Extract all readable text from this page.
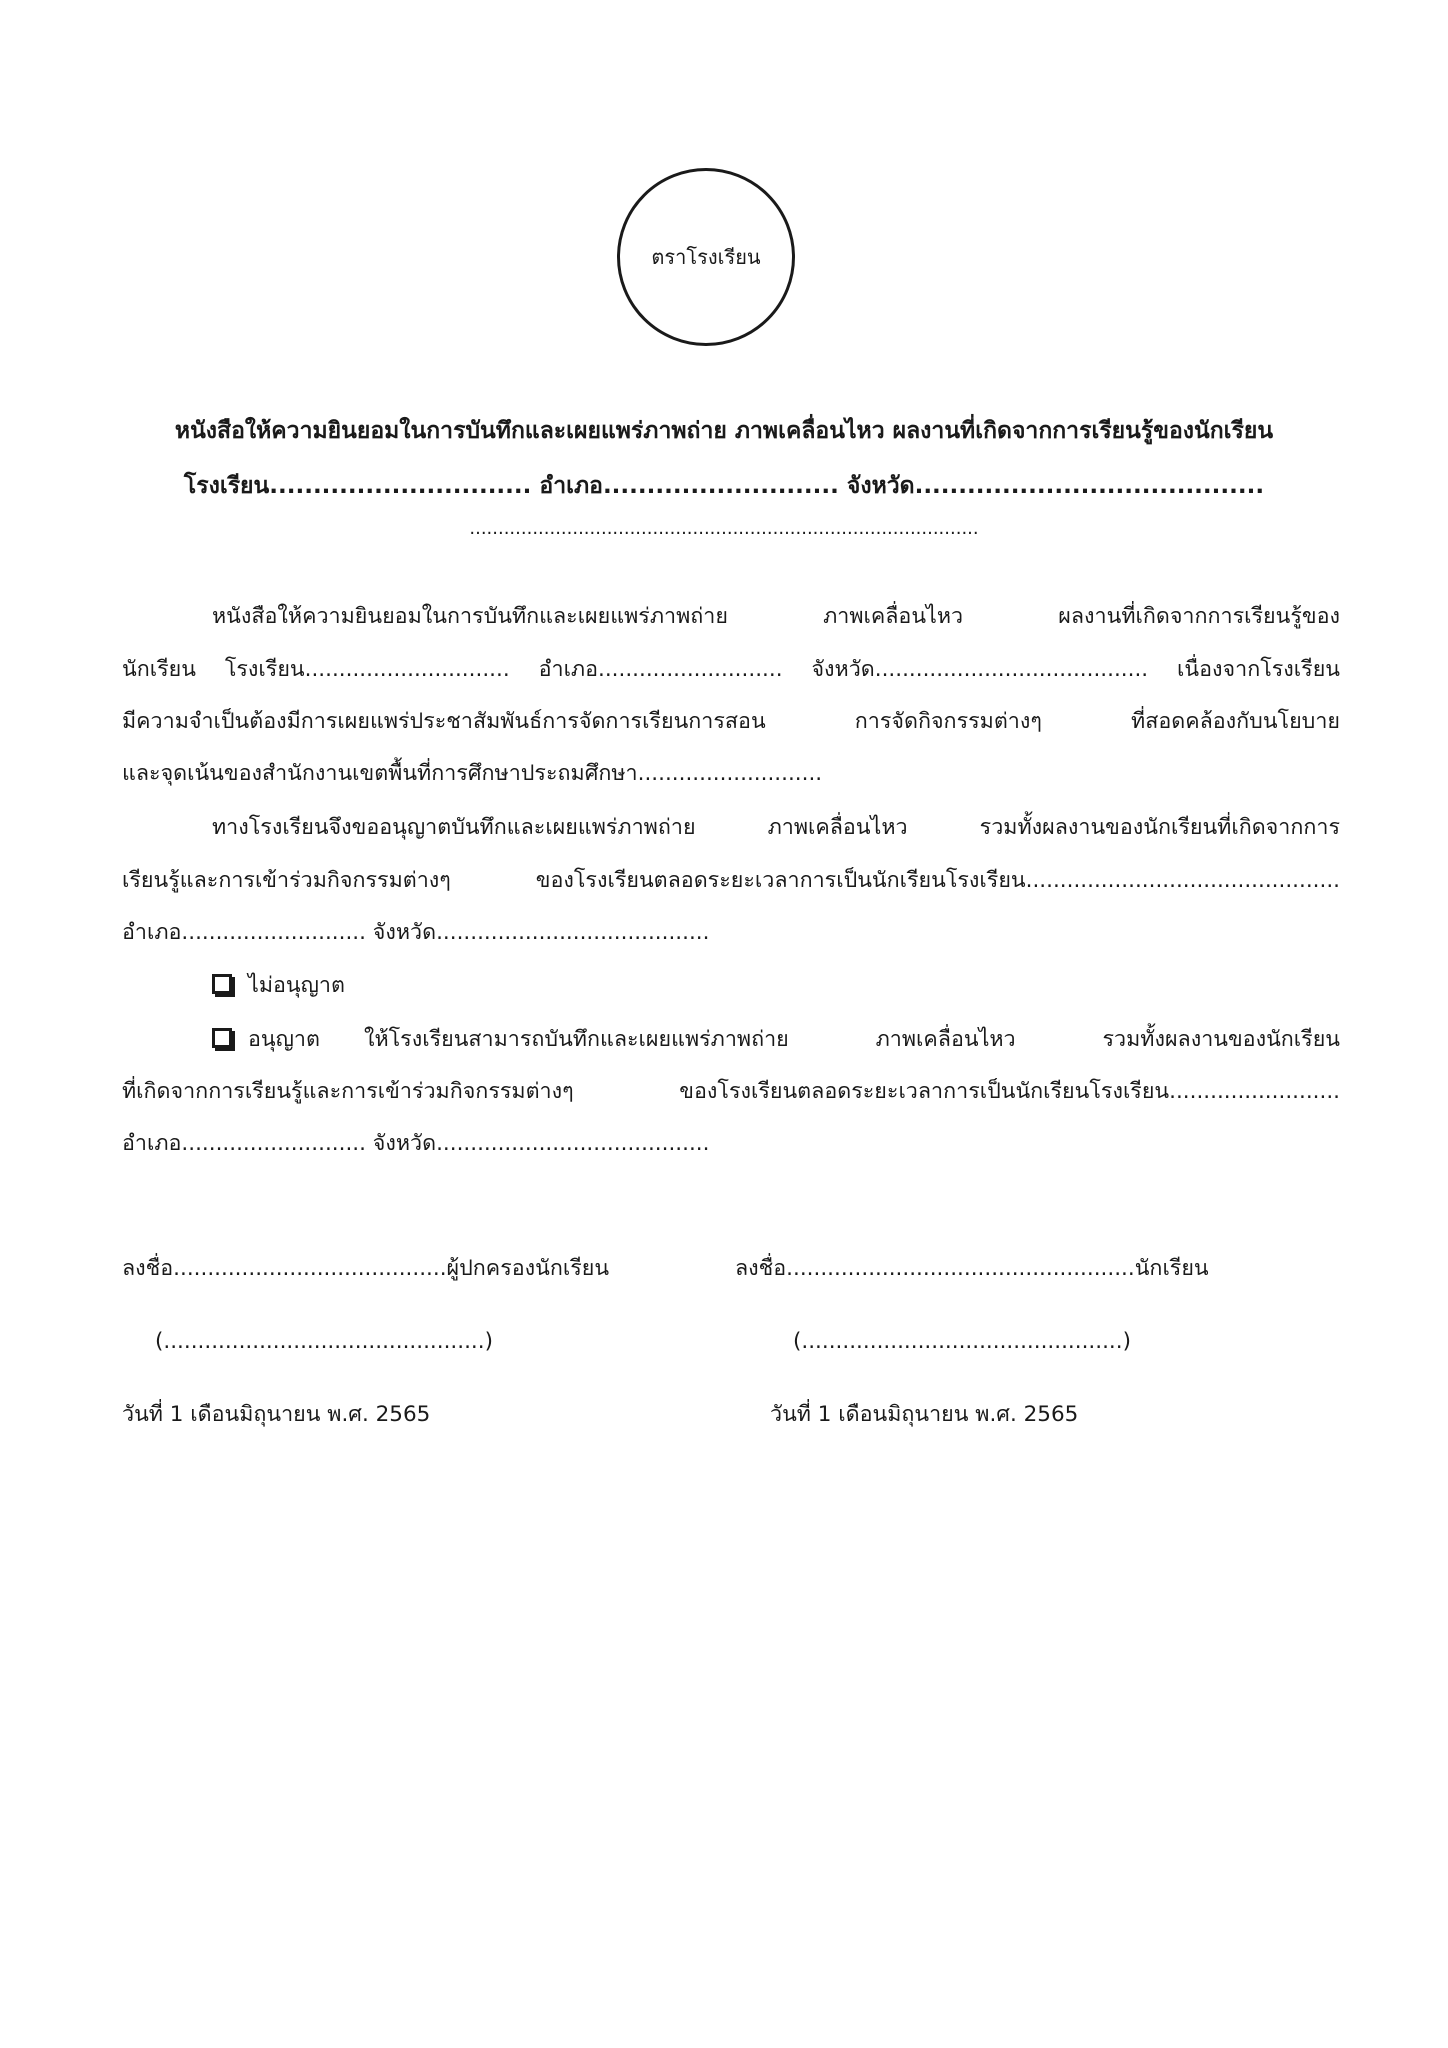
ตราโรงเรียน
หนังสือให้ความยินยอมในการบันทึกและเผยแพร่ภาพถ่าย ภาพเคลื่อนไหว ผลงานที่เกิดจากการเรียนรู้ของนักเรียน
โรงเรียน.............................. อำเภอ........................... จังหวัด........................................
.........................................................................................
หนังสือให้ความยินยอมในการบันทึกและเผยแพร่ภาพถ่าย ภาพเคลื่อนไหว ผลงานที่เกิดจากการเรียนรู้ของ
นักเรียน โรงเรียน.............................. อำเภอ........................... จังหวัด........................................ เนื่องจากโรงเรียน
มีความจำเป็นต้องมีการเผยแพร่ประชาสัมพันธ์การจัดการเรียนการสอน การจัดกิจกรรมต่างๆ ที่สอดคล้องกับนโยบาย
และจุดเน้นของสำนักงานเขตพื้นที่การศึกษาประถมศึกษา...........................
ทางโรงเรียนจึงขออนุญาตบันทึกและเผยแพร่ภาพถ่าย ภาพเคลื่อนไหว รวมทั้งผลงานของนักเรียนที่เกิดจากการ
เรียนรู้และการเข้าร่วมกิจกรรมต่างๆ ของโรงเรียนตลอดระยะเวลาการเป็นนักเรียนโรงเรียน..............................................
อำเภอ........................... จังหวัด........................................
ไม่อนุญาต
อนุญาต ให้โรงเรียนสามารถบันทึกและเผยแพร่ภาพถ่าย ภาพเคลื่อนไหว รวมทั้งผลงานของนักเรียน
ที่เกิดจากการเรียนรู้และการเข้าร่วมกิจกรรมต่างๆ ของโรงเรียนตลอดระยะเวลาการเป็นนักเรียนโรงเรียน.........................
อำเภอ........................... จังหวัด........................................
ลงชื่อ........................................ผู้ปกครองนักเรียน
(...............................................)
วันที่ 1 เดือนมิถุนายน พ.ศ. 2565
ลงชื่อ...................................................นักเรียน
(...............................................)
วันที่ 1 เดือนมิถุนายน พ.ศ. 2565
